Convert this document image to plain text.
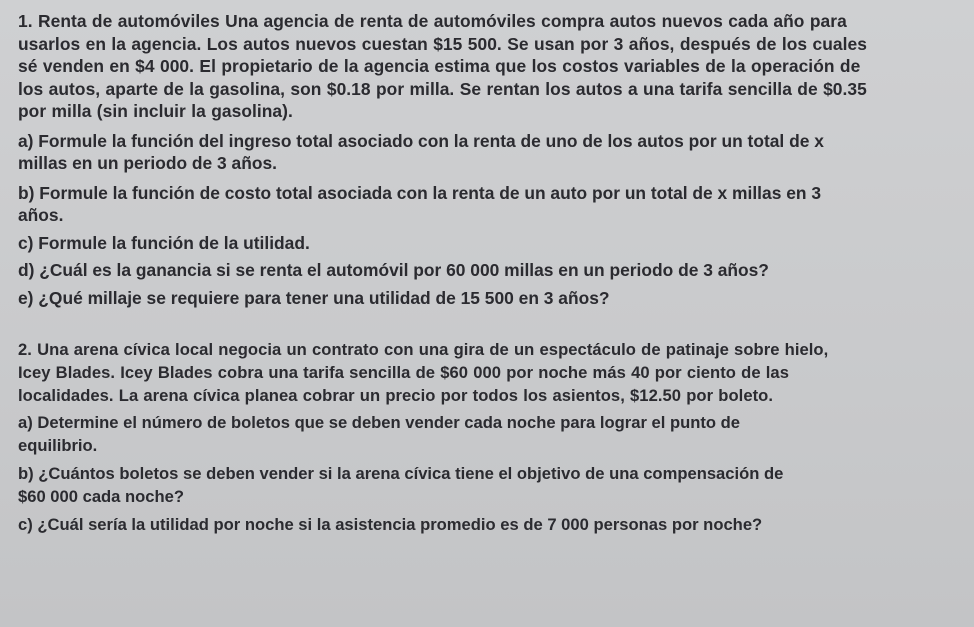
1. Renta de automóviles Una agencia de renta de automóviles compra autos nuevos cada año para
usarlos en la agencia. Los autos nuevos cuestan $15 500. Se usan por 3 años, después de los cuales
sé venden en $4 000. El propietario de la agencia estima que los costos variables de la operación de
los autos, aparte de la gasolina, son $0.18 por milla. Se rentan los autos a una tarifa sencilla de $0.35
por milla (sin incluir la gasolina).

a) Formule la función del ingreso total asociado con la renta de uno de los autos por un total de x
millas en un periodo de 3 años.

b) Formule la función de costo total asociada con la renta de un auto por un total de x millas en 3
años.

c) Formule la función de la utilidad.

d) ¿Cuál es la ganancia si se renta el automóvil por 60 000 millas en un periodo de 3 años?

e) ¿Qué millaje se requiere para tener una utilidad de 15 500 en 3 años?

2. Una arena cívica local negocia un contrato con una gira de un espectáculo de patinaje sobre hielo,
Icey Blades. Icey Blades cobra una tarifa sencilla de $60 000 por noche más 40 por ciento de las
localidades. La arena cívica planea cobrar un precio por todos los asientos, $12.50 por boleto.

a) Determine el número de boletos que se deben vender cada noche para lograr el punto de
equilibrio.

b) ¿Cuántos boletos se deben vender si la arena cívica tiene el objetivo de una compensación de
$60 000 cada noche?

c) ¿Cuál sería la utilidad por noche si la asistencia promedio es de 7 000 personas por noche?
